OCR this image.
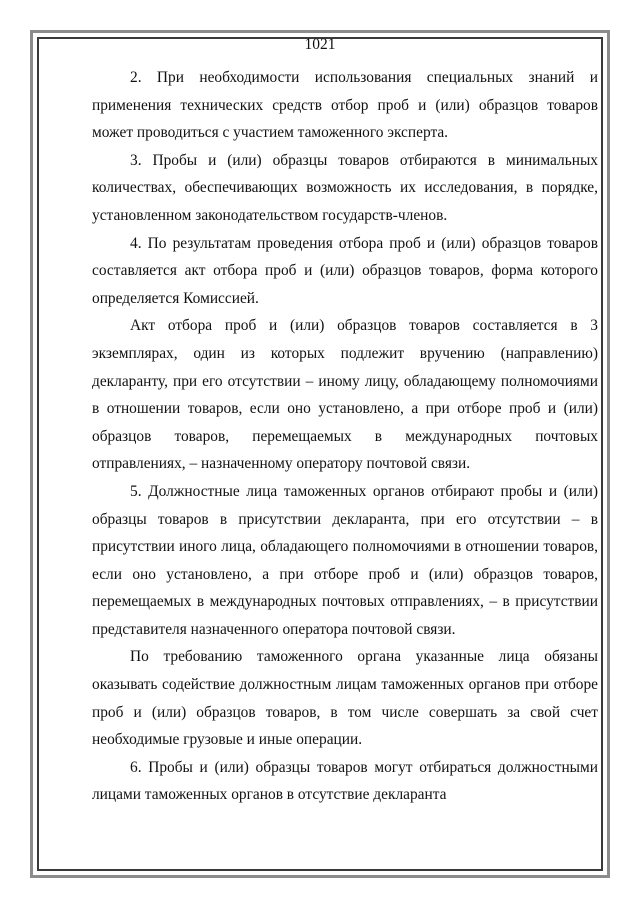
1021

2. При необходимости использования специальных знаний и применения технических средств отбор проб и (или) образцов товаров может проводиться с участием таможенного эксперта.

3. Пробы и (или) образцы товаров отбираются в минимальных количествах, обеспечивающих возможность их исследования, в порядке, установленном законодательством государств-членов.

4. По результатам проведения отбора проб и (или) образцов товаров составляется акт отбора проб и (или) образцов товаров, форма которого определяется Комиссией.

Акт отбора проб и (или) образцов товаров составляется в 3 экземплярах, один из которых подлежит вручению (направлению) декларанту, при его отсутствии – иному лицу, обладающему полномочиями в отношении товаров, если оно установлено, а при отборе проб и (или) образцов товаров, перемещаемых в международных почтовых отправлениях, – назначенному оператору почтовой связи.

5. Должностные лица таможенных органов отбирают пробы и (или) образцы товаров в присутствии декларанта, при его отсутствии – в присутствии иного лица, обладающего полномочиями в отношении товаров, если оно установлено, а при отборе проб и (или) образцов товаров, перемещаемых в международных почтовых отправлениях, – в присутствии представителя назначенного оператора почтовой связи.

По требованию таможенного органа указанные лица обязаны оказывать содействие должностным лицам таможенных органов при отборе проб и (или) образцов товаров, в том числе совершать за свой счет необходимые грузовые и иные операции.

6. Пробы и (или) образцы товаров могут отбираться должностными лицами таможенных органов в отсутствие декларанта
